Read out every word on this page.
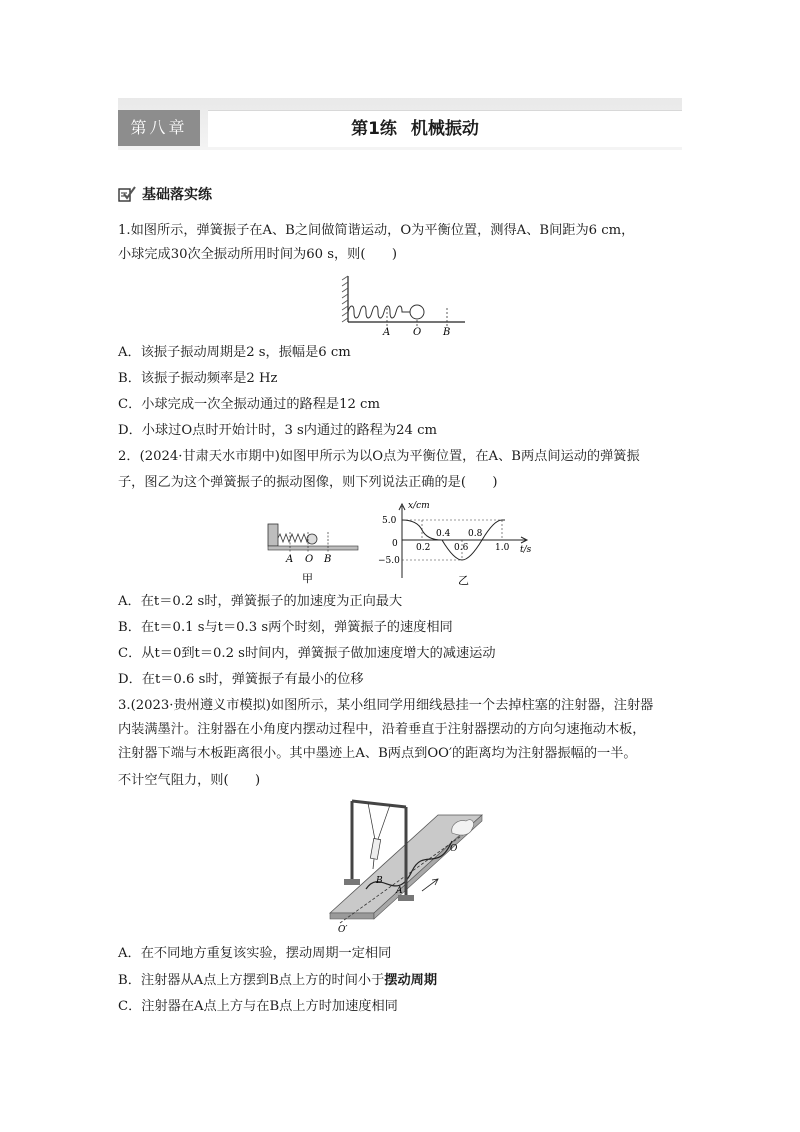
第八章	第1练 机械振动
基础落实练
1.如图所示，弹簧振子在A、B之间做简谐运动，O为平衡位置，测得A、B间距为6 cm，
小球完成30次全振动所用时间为60 s，则(　　)
A O B
A．该振子振动周期是2 s，振幅是6 cm
B．该振子振动频率是2 Hz
C．小球完成一次全振动通过的路程是12 cm
D．小球过O点时开始计时，3 s内通过的路程为24 cm
2．(2024·甘肃天水市期中)如图甲所示为以O点为平衡位置，在A、B两点间运动的弹簧振
子，图乙为这个弹簧振子的振动图像，则下列说法正确的是(　　)
A O B
甲
x/cm
5.0
−5.0
0 0.2
0.4
0.6
0.8
1.0 t/s
乙
A．在t＝0.2 s时，弹簧振子的加速度为正向最大
B．在t＝0.1 s与t＝0.3 s两个时刻，弹簧振子的速度相同
C．从t＝0到t＝0.2 s时间内，弹簧振子做加速度增大的减速运动
D．在t＝0.6 s时，弹簧振子有最小的位移
3.(2023·贵州遵义市模拟)如图所示，某小组同学用细线悬挂一个去掉柱塞的注射器，注射器
内装满墨汁。注射器在小角度内摆动过程中，沿着垂直于注射器摆动的方向匀速拖动木板，
注射器下端与木板距离很小。其中墨迹上A、B两点到OO′的距离均为注射器振幅的一半。
不计空气阻力，则(　　)
B
A
O
O′
A．在不同地方重复该实验，摆动周期一定相同
B．注射器从A点上方摆到B点上方的时间小于摆动周期
C．注射器在A点上方与在B点上方时加速度相同
